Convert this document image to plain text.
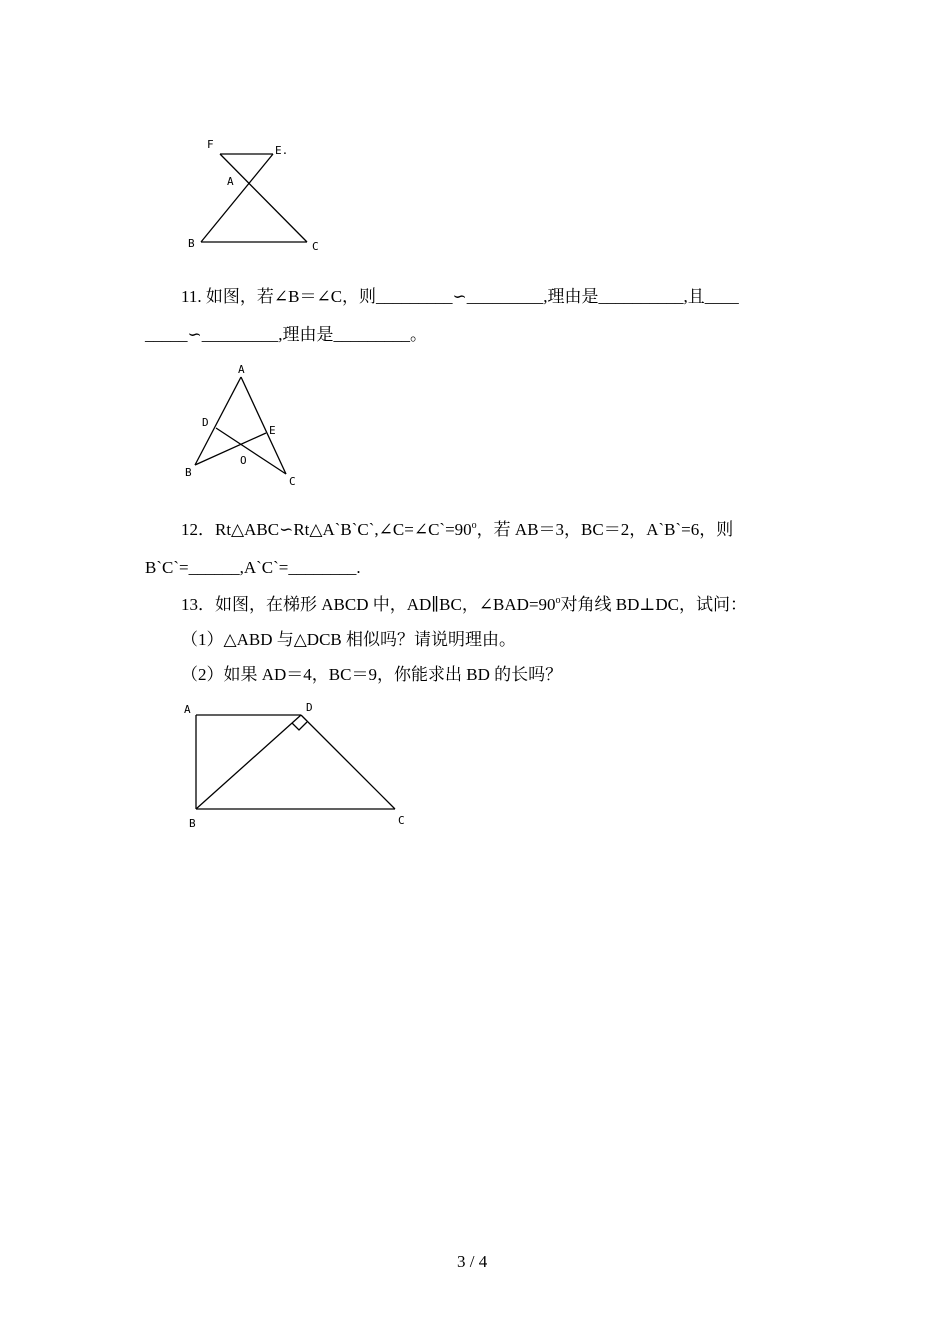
F	E.
A
B	C
11. 如图，若∠B＝∠C，则_________∽_________,理由是__________,且____
_____∽_________,理由是_________。
A
D
E
O
B
C
12．$Rt\triangle ABC∽Rt\triangle A`B`C`,\angle C=\angle C`=90^o$，若 AB＝3，BC＝2，A`B`=6，则
B`C`=______,A`C`=________.
13．如图，在梯形 ABCD 中，AD∥BC，$\angle BAD=90^o$对角线 BD⊥DC，试问：
（1）△ABD 与△DCB 相似吗？请说明理由。
（2）如果 AD＝4，BC＝9，你能求出 BD 的长吗？
A	D
B	C
3 / 4
